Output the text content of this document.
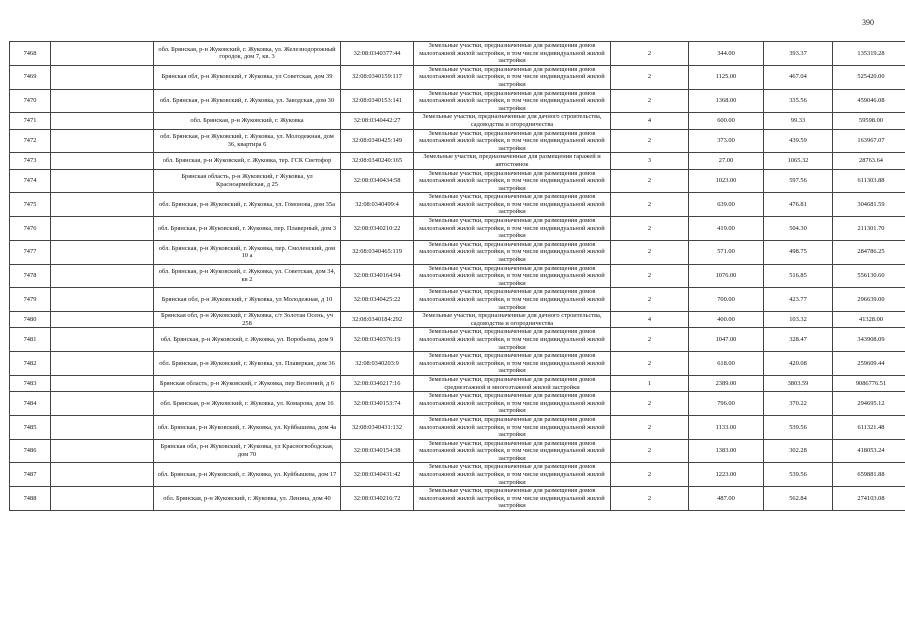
390
7468		обл. Брянская, р-н Жуковский, г. Жуковка, ул. Железнодорожный городок, дом 7, кв. 3	32:08:0340377:44	Земельные участки, предназначенные для размещения домов малоэтажной жилой застройки, в том числе индивидуальной жилой застройки	2	344.00	393.37	135319.28
7469		Брянская обл, р-н Жуковский, г Жуковка, ул Советская, дом 39	32:08:0340159:117	Земельные участки, предназначенные для размещения домов малоэтажной жилой застройки, в том числе индивидуальной жилой застройки	2	1125.00	467.04	525420.00
7470		обл. Брянская, р-н Жуковский, г. Жуковка, ул. Заводская, дом 30	32:08:0340153:141	Земельные участки, предназначенные для размещения домов малоэтажной жилой застройки, в том числе индивидуальной жилой застройки	2	1368.00	335.56	459046.08
7471		обл. Брянская, р-н Жуковский, г. Жуковка	32:08:0340442:27	Земельные участки, предназначенные для дачного строительства, садоводства и огородничества	4	600.00	99.33	59598.00
7472		обл. Брянская, р-н Жуковский, г. Жуковка, ул. Молодежная, дом 36, квартира 6	32:08:0340425:149	Земельные участки, предназначенные для размещения домов малоэтажной жилой застройки, в том числе индивидуальной жилой застройки	2	373.00	439.59	163967.07
7473		обл. Брянская, р-н Жуковский, г. Жуковка, тер. ГСК Светофор	32:08:0340240:165	Земельные участки, предназначенные для размещения гаражей и автостоянок	3	27.00	1065.32	28763.64
7474		Брянская область, р-н Жуковский, г Жуковка, ул Красноармейская, д 25	32:08:0340434:58	Земельные участки, предназначенные для размещения домов малоэтажной жилой застройки, в том числе индивидуальной жилой застройки	2	1023.00	597.56	611303.88
7475		обл. Брянская, р-н Жуковский, г. Жуковка, ул. Гомонова, дом 35а	32:08:0340499:4	Земельные участки, предназначенные для размещения домов малоэтажной жилой застройки, в том числе индивидуальной жилой застройки	2	639.00	476.81	304681.59
7476		обл. Брянская, р-н Жуковский, г. Жуковка, пер. Плаверный, дом 3	32:08:0340210:22	Земельные участки, предназначенные для размещения домов малоэтажной жилой застройки, в том числе индивидуальной жилой застройки	2	419.00	504.30	211301.70
7477		обл. Брянская, р-н Жуковский, г. Жуковка, пер. Смоленский, дом 10 а	32:08:0340465:119	Земельные участки, предназначенные для размещения домов малоэтажной жилой застройки, в том числе индивидуальной жилой застройки	2	571.00	498.75	284786.25
7478		обл. Брянская, р-н Жуковский, г. Жуковка, ул. Советская, дом 34, кв 2	32:08:0340164:94	Земельные участки, предназначенные для размещения домов малоэтажной жилой застройки, в том числе индивидуальной жилой застройки	2	1076.00	516.85	556130.60
7479		Брянская обл, р-н Жуковский, г Жуковка, ул Молодежная, д 10	32:08:0340425:22	Земельные участки, предназначенные для размещения домов малоэтажной жилой застройки, в том числе индивидуальной жилой застройки	2	700.00	423.77	296639.00
7480		Брянская обл, р-н Жуковский, г Жуковка, с/т Золотая Осень, уч 258	32:08:0340184:292	Земельные участки, предназначенные для дачного строительства, садоводства и огородничества	4	400.00	103.32	41328.00
7481		обл. Брянская, р-н Жуковский, г. Жуковка, ул. Воробьева, дом 9	32:08:0340376:19	Земельные участки, предназначенные для размещения домов малоэтажной жилой застройки, в том числе индивидуальной жилой застройки	2	1047.00	328.47	343908.09
7482		обл. Брянская, р-н Жуковский, г. Жуковка, ул. Плаверкая, дом 36	32:08:0340203:9	Земельные участки, предназначенные для размещения домов малоэтажной жилой застройки, в том числе индивидуальной жилой застройки	2	618.00	420.08	259609.44
7483		Брянская область, р-н Жуковский, г Жуковка, пер Весенний, д 6	32:08:0340217:16	Земельные участки, предназначенные для размещения домов среднеэтажной и многоэтажной жилой застройки	1	2389.00	3803.59	9086776.51
7484		обл. Брянская, р-н Жуковский, г. Жуковка, ул. Комарова, дом 16	32:08:0340153:74	Земельные участки, предназначенные для размещения домов малоэтажной жилой застройки, в том числе индивидуальной жилой застройки	2	796.00	370.22	294695.12
7485		обл. Брянская, р-н Жуковский, г. Жуковка, ул. Куйбышева, дом 4а	32:08:0340431:132	Земельные участки, предназначенные для размещения домов малоэтажной жилой застройки, в том числе индивидуальной жилой застройки	2	1133.00	539.56	611321.48
7486		Брянская обл, р-н Жуковский, г Жуковка, ул Красногвободская, дом 70	32:08:0340154:38	Земельные участки, предназначенные для размещения домов малоэтажной жилой застройки, в том числе индивидуальной жилой застройки	2	1383.00	302.28	418053.24
7487		обл. Брянская, р-н Жуковский, г. Жуковка, ул. Куйбышева, дом 17	32:08:0340431:42	Земельные участки, предназначенные для размещения домов малоэтажной жилой застройки, в том числе индивидуальной жилой застройки	2	1223.00	539.56	659881.88
7488		обл. Брянская, р-н Жуковский, г. Жуковка, ул. Ленина, дом 40	32:08:0340216:72	Земельные участки, предназначенные для размещения домов малоэтажной жилой застройки, в том числе индивидуальной жилой застройки	2	487.00	562.84	274103.08
